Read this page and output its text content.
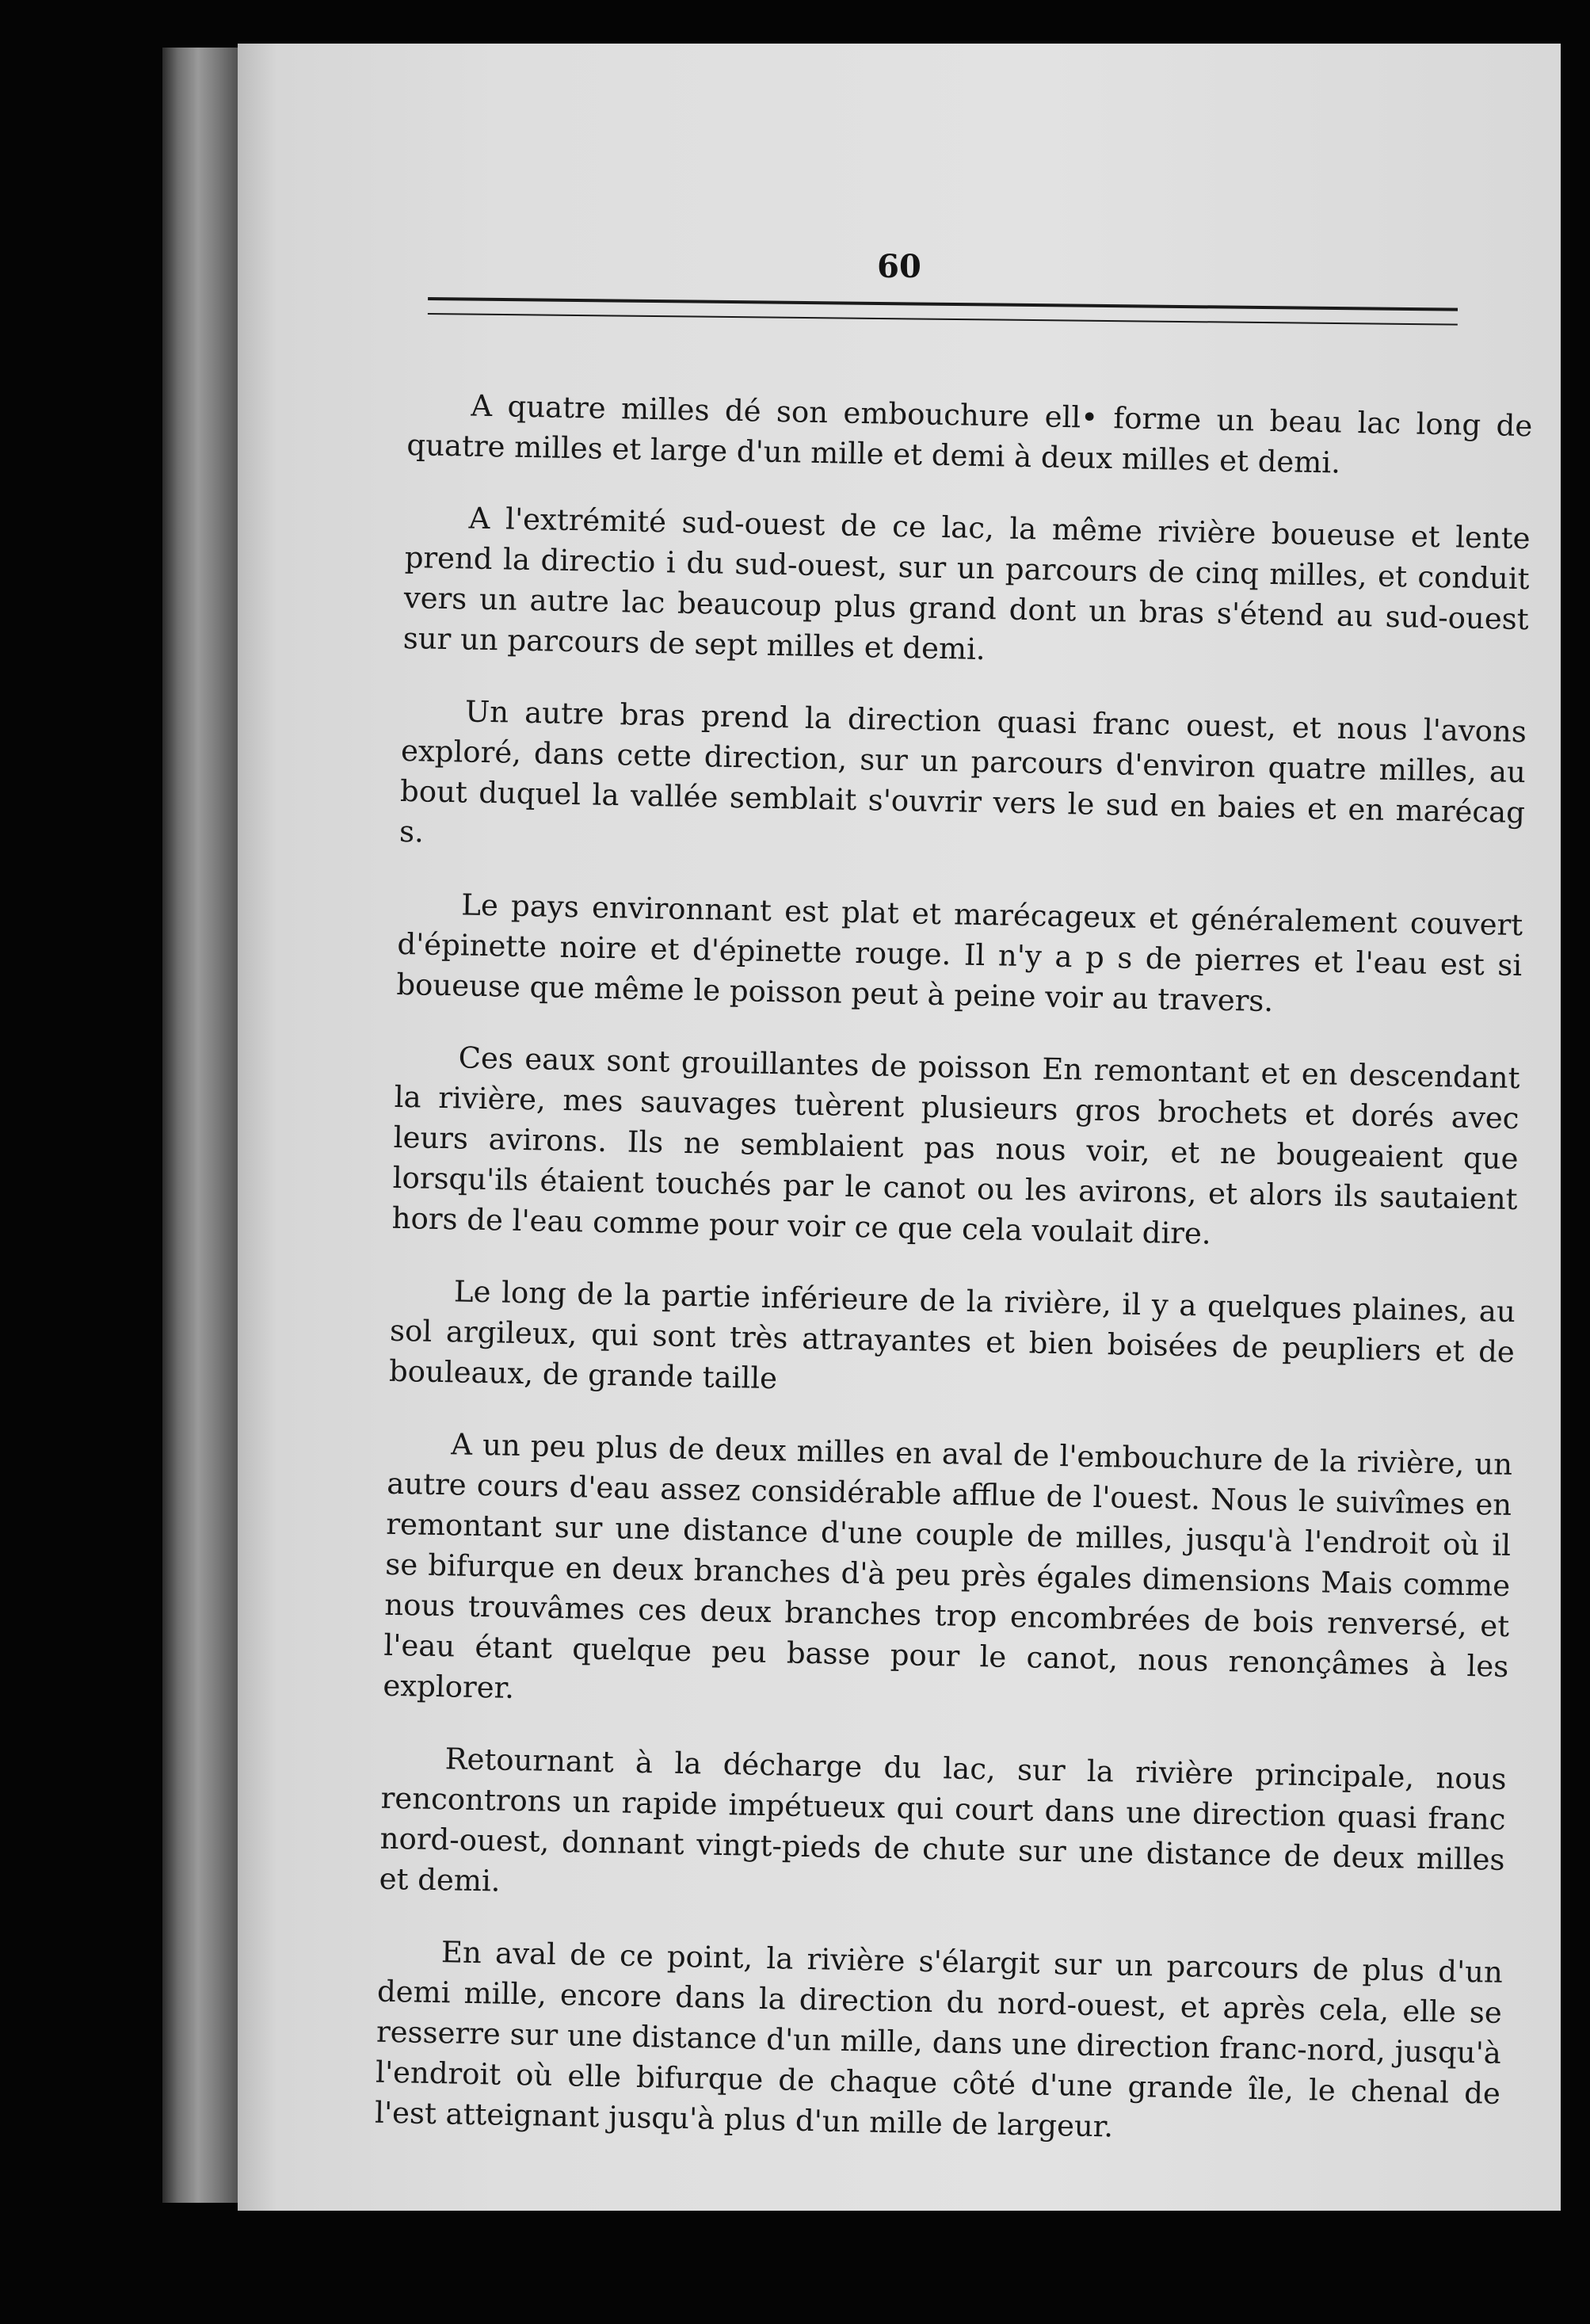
60

A quatre milles dé son embouchure ell• forme un beau lac long de quatre milles et large d'un mille et demi à deux milles et demi.

A l'extrémité sud-ouest de ce lac, la même rivière boueuse et lente prend la directio i du sud-ouest, sur un parcours de cinq milles, et conduit vers un autre lac beaucoup plus grand dont un bras s'étend au sud-ouest sur un parcours de sept milles et demi.

Un autre bras prend la direction quasi franc ouest, et nous l'avons exploré, dans cette direction, sur un parcours d'environ quatre milles, au bout duquel la vallée semblait s'ouvrir vers le sud en baies et en marécag s.

Le pays environnant est plat et marécageux et généralement couvert d'épinette noire et d'épinette rouge. Il n'y a p s de pierres et l'eau est si boueuse que même le poisson peut à peine voir au travers.

Ces eaux sont grouillantes de poisson En remontant et en descendant la rivière, mes sauvages tuèrent plusieurs gros brochets et dorés avec leurs avirons. Ils ne semblaient pas nous voir, et ne bougeaient que lorsqu'ils étaient touchés par le canot ou les avirons, et alors ils sautaient hors de l'eau comme pour voir ce que cela voulait dire.

Le long de la partie inférieure de la rivière, il y a quelques plaines, au sol argileux, qui sont très attrayantes et bien boisées de peupliers et de bouleaux, de grande taille

A un peu plus de deux milles en aval de l'embouchure de la rivière, un autre cours d'eau assez considérable afflue de l'ouest. Nous le suivîmes en remontant sur une distance d'une couple de milles, jusqu'à l'endroit où il se bifurque en deux branches d'à peu près égales dimensions Mais comme nous trouvâmes ces deux branches trop encombrées de bois renversé, et l'eau étant quelque peu basse pour le canot, nous renonçâmes à les explorer.

Retournant à la décharge du lac, sur la rivière principale, nous rencontrons un rapide impétueux qui court dans une direction quasi franc nord-ouest, donnant vingt-pieds de chute sur une distance de deux milles et demi.

En aval de ce point, la rivière s'élargit sur un parcours de plus d'un demi mille, encore dans la direction du nord-ouest, et après cela, elle se resserre sur une distance d'un mille, dans une direction franc-nord, jusqu'à l'endroit où elle bifurque de chaque côté d'une grande île, le chenal de l'est atteignant jusqu'à plus d'un mille de largeur.
